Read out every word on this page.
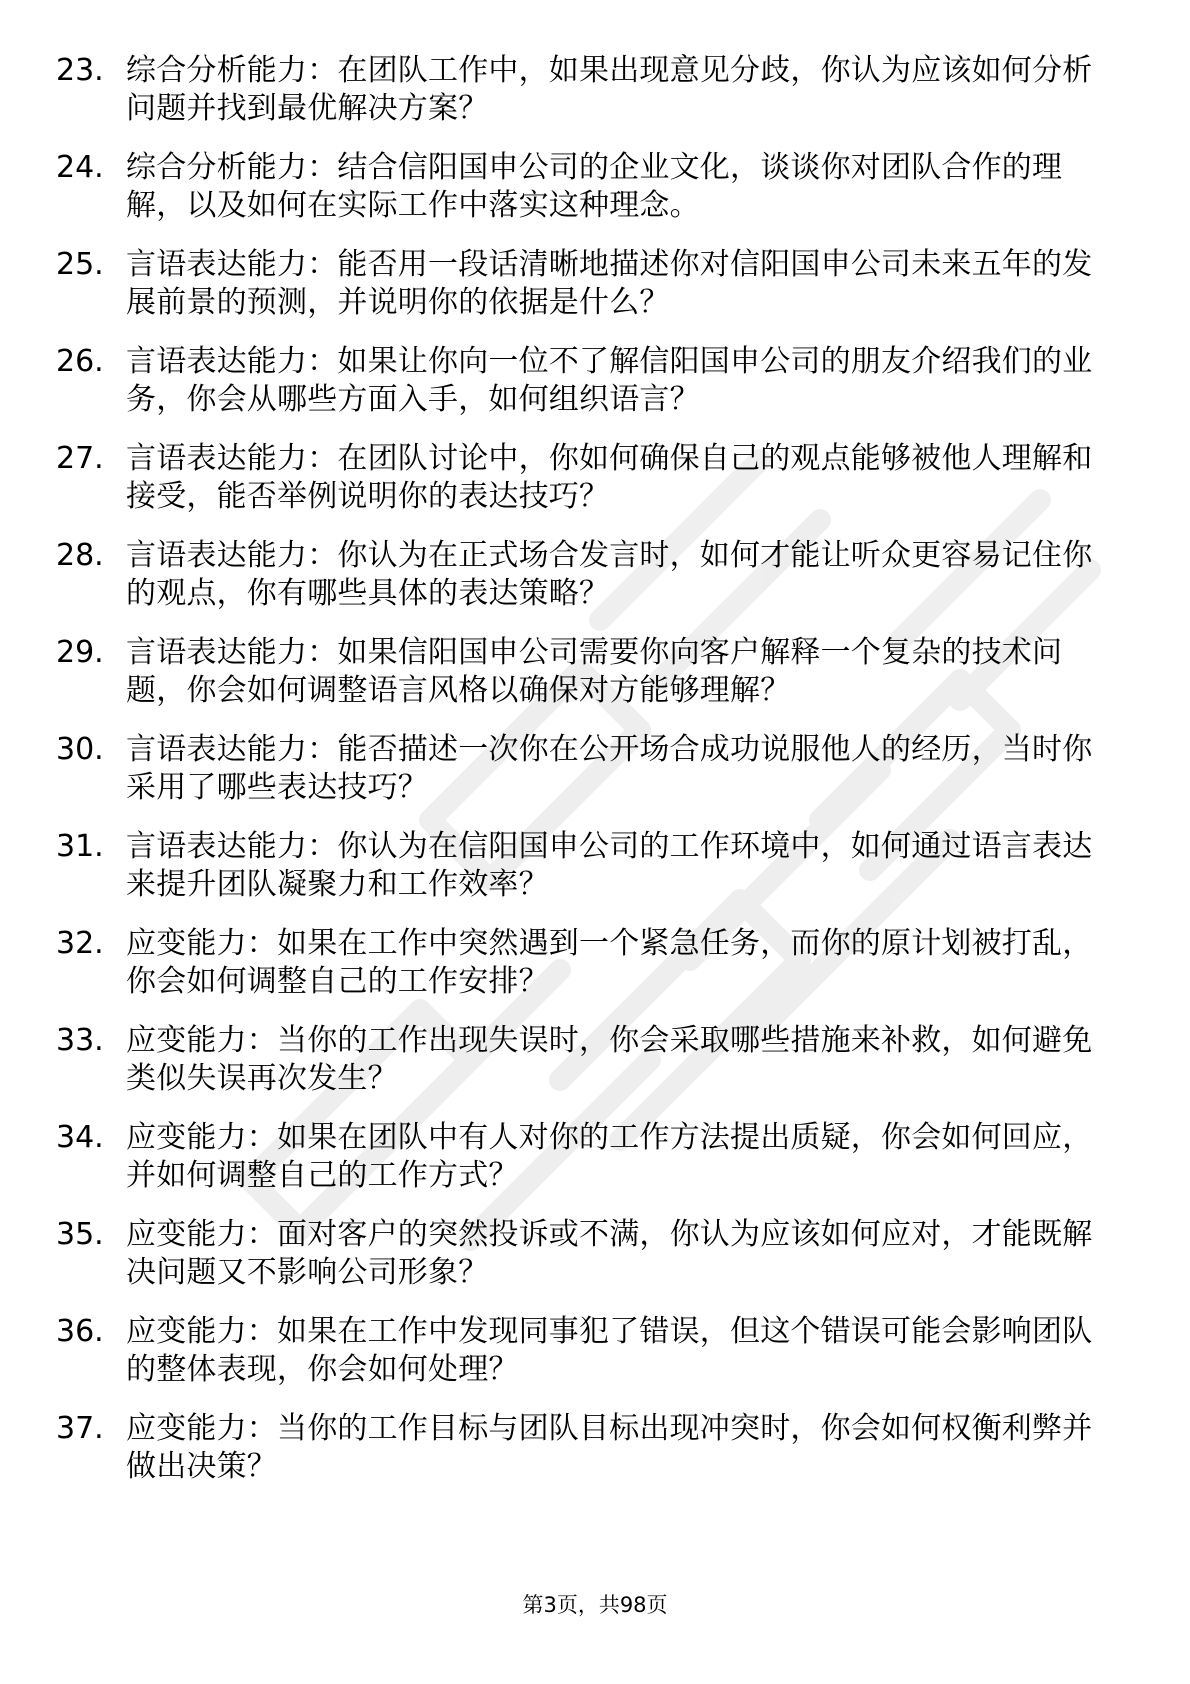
23. 综合分析能力：在团队工作中，如果出现意见分歧，你认为应该如何分析问题并找到最优解决方案？
24. 综合分析能力：结合信阳国申公司的企业文化，谈谈你对团队合作的理解，以及如何在实际工作中落实这种理念。
25. 言语表达能力：能否用一段话清晰地描述你对信阳国申公司未来五年的发展前景的预测，并说明你的依据是什么？
26. 言语表达能力：如果让你向一位不了解信阳国申公司的朋友介绍我们的业务，你会从哪些方面入手，如何组织语言？
27. 言语表达能力：在团队讨论中，你如何确保自己的观点能够被他人理解和接受，能否举例说明你的表达技巧？
28. 言语表达能力：你认为在正式场合发言时，如何才能让听众更容易记住你的观点，你有哪些具体的表达策略？
29. 言语表达能力：如果信阳国申公司需要你向客户解释一个复杂的技术问题，你会如何调整语言风格以确保对方能够理解？
30. 言语表达能力：能否描述一次你在公开场合成功说服他人的经历，当时你采用了哪些表达技巧？
31. 言语表达能力：你认为在信阳国申公司的工作环境中，如何通过语言表达来提升团队凝聚力和工作效率？
32. 应变能力：如果在工作中突然遇到一个紧急任务，而你的原计划被打乱，你会如何调整自己的工作安排？
33. 应变能力：当你的工作出现失误时，你会采取哪些措施来补救，如何避免类似失误再次发生？
34. 应变能力：如果在团队中有人对你的工作方法提出质疑，你会如何回应，并如何调整自己的工作方式？
35. 应变能力：面对客户的突然投诉或不满，你认为应该如何应对，才能既解决问题又不影响公司形象？
36. 应变能力：如果在工作中发现同事犯了错误，但这个错误可能会影响团队的整体表现，你会如何处理？
37. 应变能力：当你的工作目标与团队目标出现冲突时，你会如何权衡利弊并做出决策？
第3页，共98页
